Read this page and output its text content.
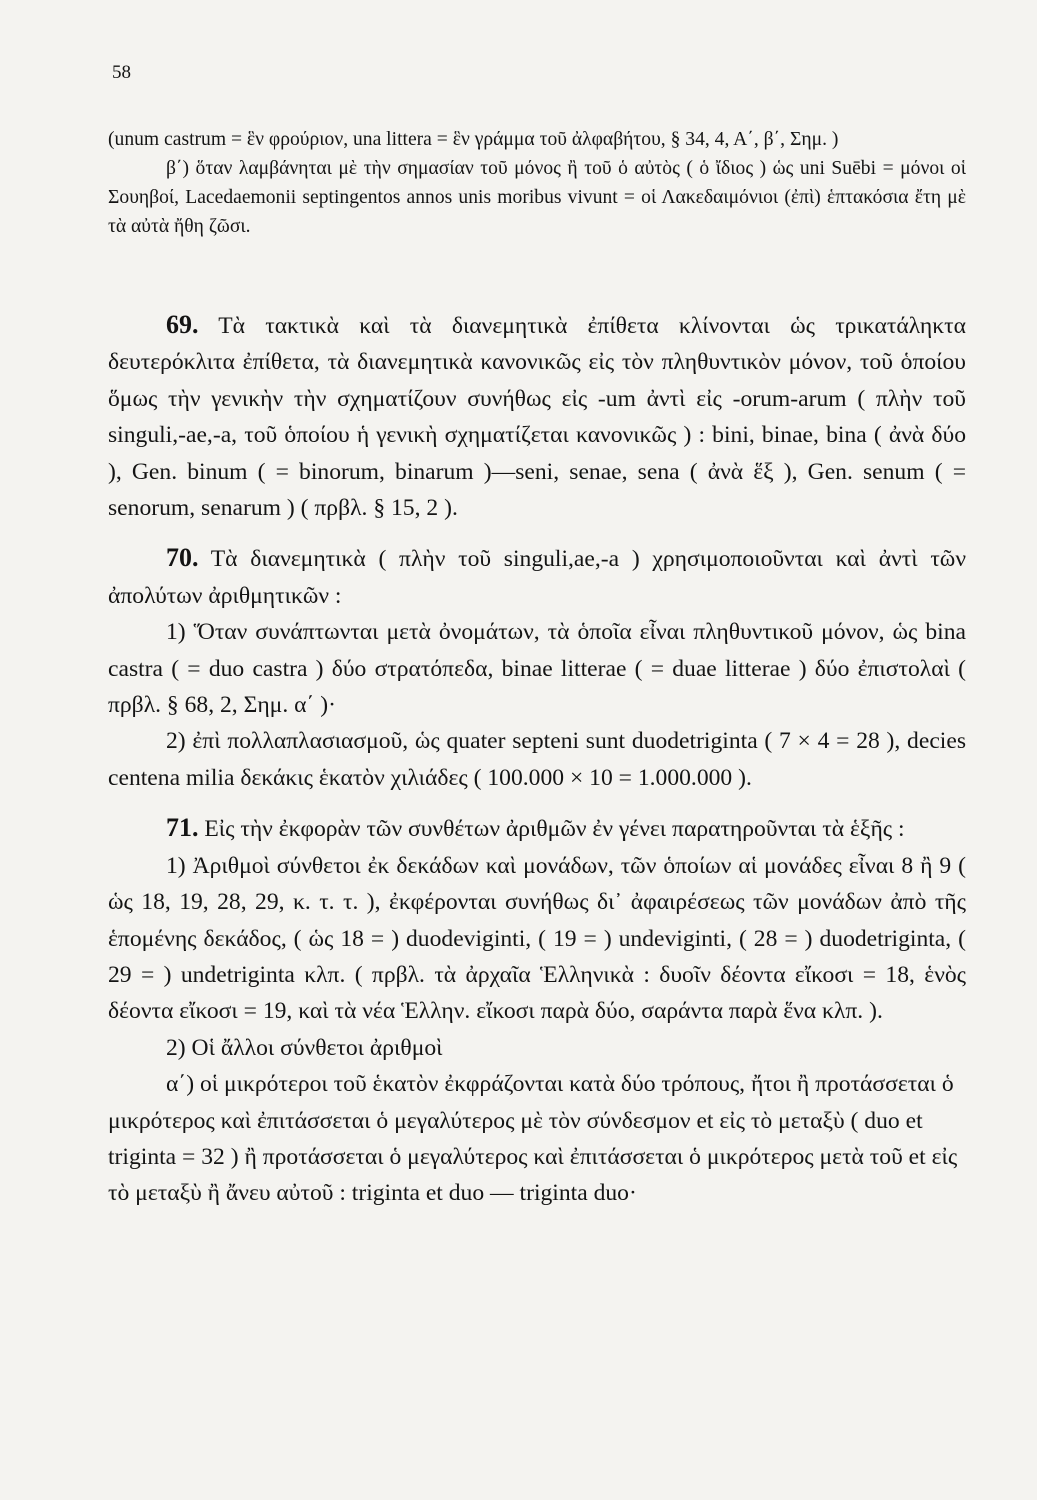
58

(unum castrum = ἓν φρούριον, una littera = ἓν γράμμα τοῦ ἀλφαβήτου, § 34, 4, Α΄, β΄, Σημ. )

β΄) ὅταν λαμβάνηται μὲ τὴν σημασίαν τοῦ μόνος ἢ τοῦ ὁ αὐτὸς ( ὁ ἴδιος ) ὡς uni Suēbi = μόνοι οἱ Σουηβοί, Lacedaemonii septingentos annos unis moribus vivunt = οἱ Λακεδαιμόνιοι (ἐπὶ) ἑπτακόσια ἔτη μὲ τὰ αὐτὰ ἤθη ζῶσι.

69. Τὰ τακτικὰ καὶ τὰ διανεμητικὰ ἐπίθετα κλίνονται ὡς τρικατάληκτα δευτερόκλιτα ἐπίθετα, τὰ διανεμητικὰ κανονικῶς εἰς τὸν πληθυντικὸν μόνον, τοῦ ὁποίου ὅμως τὴν γενικὴν τὴν σχηματίζουν συνήθως εἰς -um ἀντὶ εἰς -orum-arum ( πλὴν τοῦ singuli,-ae,-a, τοῦ ὁποίου ἡ γενικὴ σχηματίζεται κανονικῶς ) : bini, binae, bina ( ἀνὰ δύο ), Gen. binum ( = binorum, binarum )—seni, senae, sena ( ἀνὰ ἕξ ), Gen. senum ( = senorum, senarum ) ( πρβλ. § 15, 2 ).

70. Τὰ διανεμητικὰ ( πλὴν τοῦ singuli,ae,-a ) χρησιμοποιοῦνται καὶ ἀντὶ τῶν ἀπολύτων ἀριθμητικῶν :

1) Ὅταν συνάπτωνται μετὰ ὀνομάτων, τὰ ὁποῖα εἶναι πληθυντικοῦ μόνον, ὡς bina castra ( = duo castra ) δύο στρατόπεδα, binae litterae ( = duae litterae ) δύο ἐπιστολαὶ ( πρβλ. § 68, 2, Σημ. α΄ )·

2) ἐπὶ πολλαπλασιασμοῦ, ὡς quater septeni sunt duodetriginta ( 7 × 4 = 28 ), decies centena milia δεκάκις ἑκατὸν χιλιάδες ( 100.000 × 10 = 1.000.000 ).

71. Εἰς τὴν ἐκφορὰν τῶν συνθέτων ἀριθμῶν ἐν γένει παρατηροῦνται τὰ ἑξῆς :

1) Ἀριθμοὶ σύνθετοι ἐκ δεκάδων καὶ μονάδων, τῶν ὁποίων αἱ μονάδες εἶναι 8 ἢ 9 ( ὡς 18, 19, 28, 29, κ. τ. τ. ), ἐκφέρονται συνήθως δι᾿ ἀφαιρέσεως τῶν μονάδων ἀπὸ τῆς ἑπομένης δεκάδος, ( ὡς 18 = ) duodeviginti, ( 19 = ) undeviginti, ( 28 = ) duodetriginta, ( 29 = ) undetriginta κλπ. ( πρβλ. τὰ ἀρχαῖα Ἑλληνικὰ : δυοῖν δέοντα εἴκοσι = 18, ἑνὸς δέοντα εἴκοσι = 19, καὶ τὰ νέα Ἑλλην. εἴκοσι παρὰ δύο, σαράντα παρὰ ἕνα κλπ. ).

2) Οἱ ἄλλοι σύνθετοι ἀριθμοὶ

α΄) οἱ μικρότεροι τοῦ ἑκατὸν ἐκφράζονται κατὰ δύο τρόπους, ἤτοι ἢ προτάσσεται ὁ μικρότερος καὶ ἐπιτάσσεται ὁ μεγαλύτερος μὲ τὸν σύνδεσμον et εἰς τὸ μεταξὺ ( duo et triginta = 32 ) ἢ προτάσσεται ὁ μεγαλύτερος καὶ ἐπιτάσσεται ὁ μικρότερος μετὰ τοῦ et εἰς τὸ μεταξὺ ἢ ἄνευ αὐτοῦ : triginta et duo — triginta duo·
